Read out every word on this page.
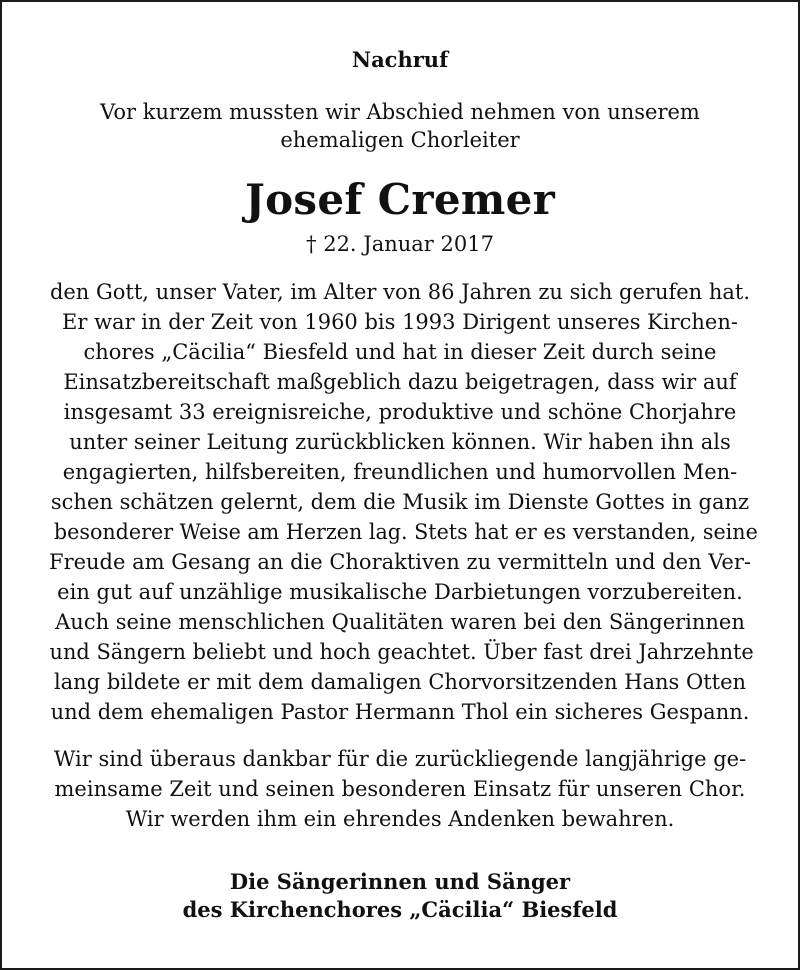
Nachruf
Vor kurzem mussten wir Abschied nehmen von unserem
ehemaligen Chorleiter
Josef Cremer
† 22. Januar 2017
den Gott, unser Vater, im Alter von 86 Jahren zu sich gerufen hat.
Er war in der Zeit von 1960 bis 1993 Dirigent unseres Kirchen-
chores „Cäcilia“ Biesfeld und hat in dieser Zeit durch seine
Einsatzbereitschaft maßgeblich dazu beigetragen, dass wir auf
insgesamt 33 ereignisreiche, produktive und schöne Chorjahre
unter seiner Leitung zurückblicken können. Wir haben ihn als
engagierten, hilfsbereiten, freundlichen und humorvollen Men-
schen schätzen gelernt, dem die Musik im Dienste Gottes in ganz
besonderer Weise am Herzen lag. Stets hat er es verstanden, seine
Freude am Gesang an die Choraktiven zu vermitteln und den Ver-
ein gut auf unzählige musikalische Darbietungen vorzubereiten.
Auch seine menschlichen Qualitäten waren bei den Sängerinnen
und Sängern beliebt und hoch geachtet. Über fast drei Jahrzehnte
lang bildete er mit dem damaligen Chorvorsitzenden Hans Otten
und dem ehemaligen Pastor Hermann Thol ein sicheres Gespann.
Wir sind überaus dankbar für die zurückliegende langjährige ge-
meinsame Zeit und seinen besonderen Einsatz für unseren Chor.
Wir werden ihm ein ehrendes Andenken bewahren.
Die Sängerinnen und Sänger
des Kirchenchores „Cäcilia“ Biesfeld
